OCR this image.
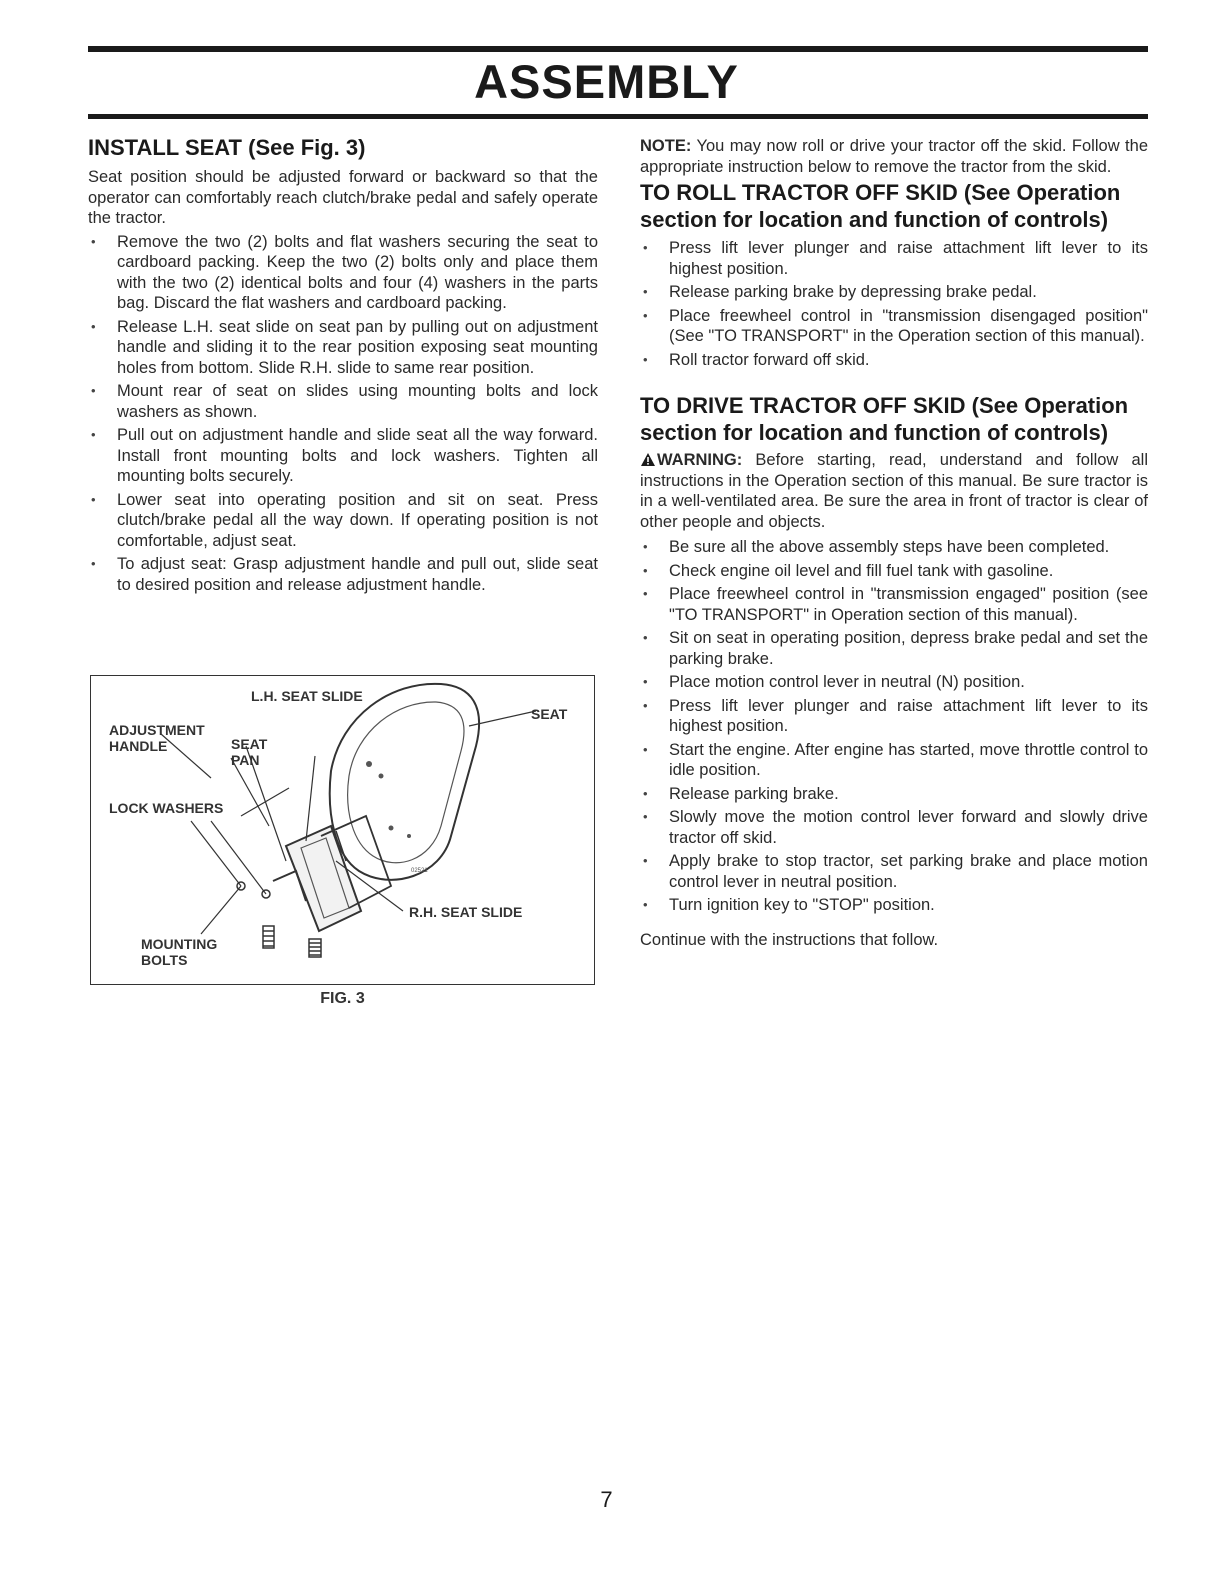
ASSEMBLY
INSTALL SEAT (See Fig. 3)

Seat position should be adjusted forward or backward so that the operator can comfortably reach clutch/brake pedal and safely operate the tractor.

• Remove the two (2) bolts and flat washers securing the seat to cardboard packing. Keep the two (2) bolts only and place them with the two (2) identical bolts and four (4) washers in the parts bag. Discard the flat washers and cardboard packing.
• Release L.H. seat slide on seat pan by pulling out on adjustment handle and sliding it to the rear position exposing seat mounting holes from bottom. Slide R.H. slide to same rear position.
• Mount rear of seat on slides using mounting bolts and lock washers as shown.
• Pull out on adjustment handle and slide seat all the way forward. Install front mounting bolts and lock washers. Tighten all mounting bolts securely.
• Lower seat into operating position and sit on seat. Press clutch/brake pedal all the way down. If operating position is not comfortable, adjust seat.
• To adjust seat: Grasp adjustment handle and pull out, slide seat to desired position and release adjustment handle.
02521
L.H. SEAT SLIDE
SEAT
ADJUSTMENT HANDLE	SEAT PAN
LOCK WASHERS
R.H. SEAT SLIDE
MOUNTING BOLTS
FIG. 3

NOTE: You may now roll or drive your tractor off the skid. Follow the appropriate instruction below to remove the tractor from the skid.

TO ROLL TRACTOR OFF SKID (See Operation section for location and function of controls)
• Press lift lever plunger and raise attachment lift lever to its highest position.
• Release parking brake by depressing brake pedal.
• Place freewheel control in "transmission disengaged position" (See "TO TRANSPORT" in the Operation section of this manual).
• Roll tractor forward off skid.
TO DRIVE TRACTOR OFF SKID (See Operation section for location and function of controls)

WARNING: Before starting, read, understand and follow all instructions in the Operation section of this manual. Be sure tractor is in a well-ventilated area. Be sure the area in front of tractor is clear of other people and objects.

• Be sure all the above assembly steps have been completed.
• Check engine oil level and fill fuel tank with gasoline.
• Place freewheel control in "transmission engaged" position (see "TO TRANSPORT" in Operation section of this manual).
• Sit on seat in operating position, depress brake pedal and set the parking brake.
• Place motion control lever in neutral (N) position.
• Press lift lever plunger and raise attachment lift lever to its highest position.
• Start the engine. After engine has started, move throttle control to idle position.
• Release parking brake.
• Slowly move the motion control lever forward and slowly drive tractor off skid.
• Apply brake to stop tractor, set parking brake and place motion control lever in neutral position.
• Turn ignition key to "STOP" position.

Continue with the instructions that follow.

7
